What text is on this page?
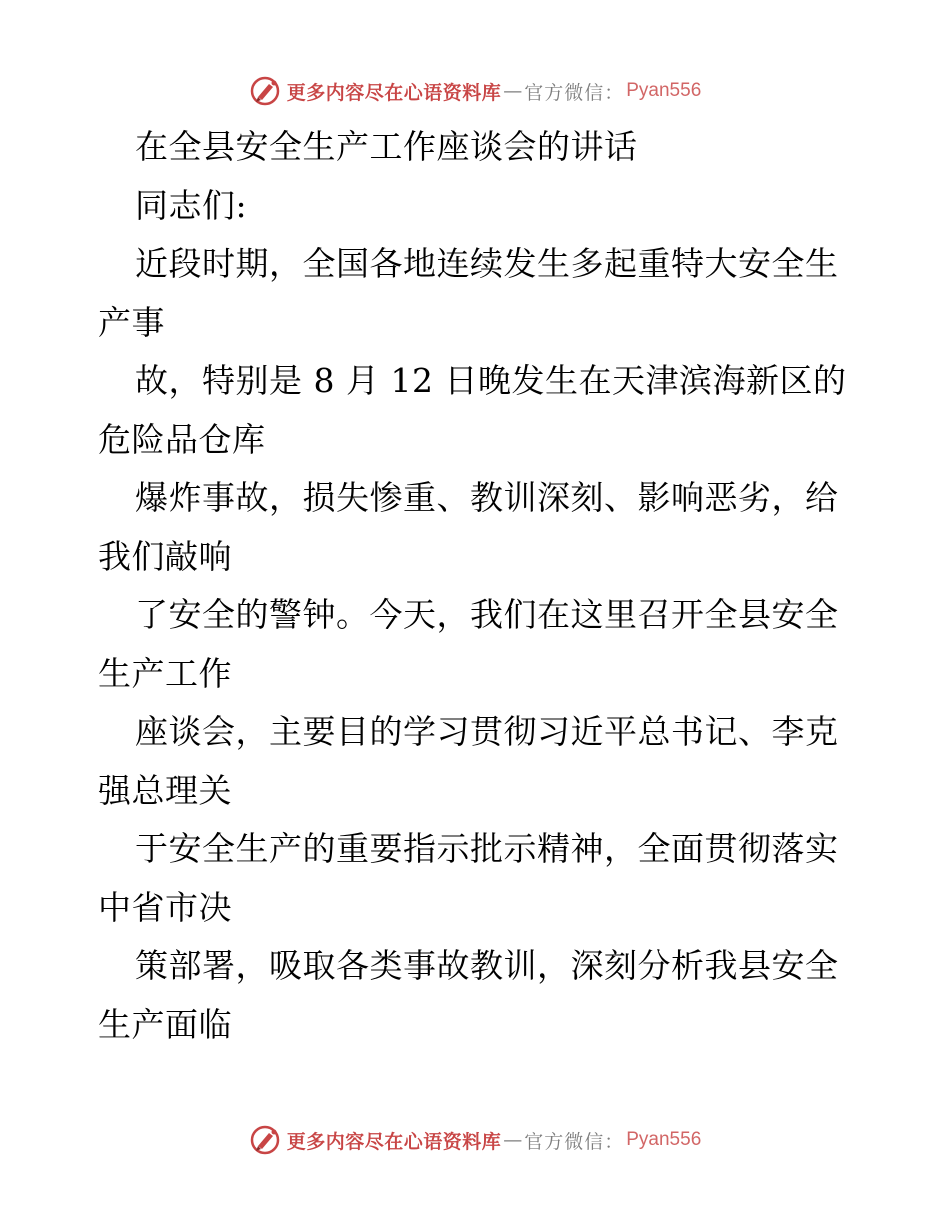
更多内容尽在心语资料库 — 官方微信： Pyan556
在全县安全生产工作座谈会的讲话
同志们:
近段时期，全国各地连续发生多起重特大安全生
产事
故，特别是 8 月 12 日晚发生在天津滨海新区的
危险品仓库
爆炸事故，损失惨重、教训深刻、影响恶劣，给
我们敲响
了安全的警钟。今天，我们在这里召开全县安全
生产工作
座谈会，主要目的学习贯彻习近平总书记、李克
强总理关
于安全生产的重要指示批示精神，全面贯彻落实
中省市决
策部署，吸取各类事故教训，深刻分析我县安全
生产面临
更多内容尽在心语资料库 — 官方微信： Pyan556
